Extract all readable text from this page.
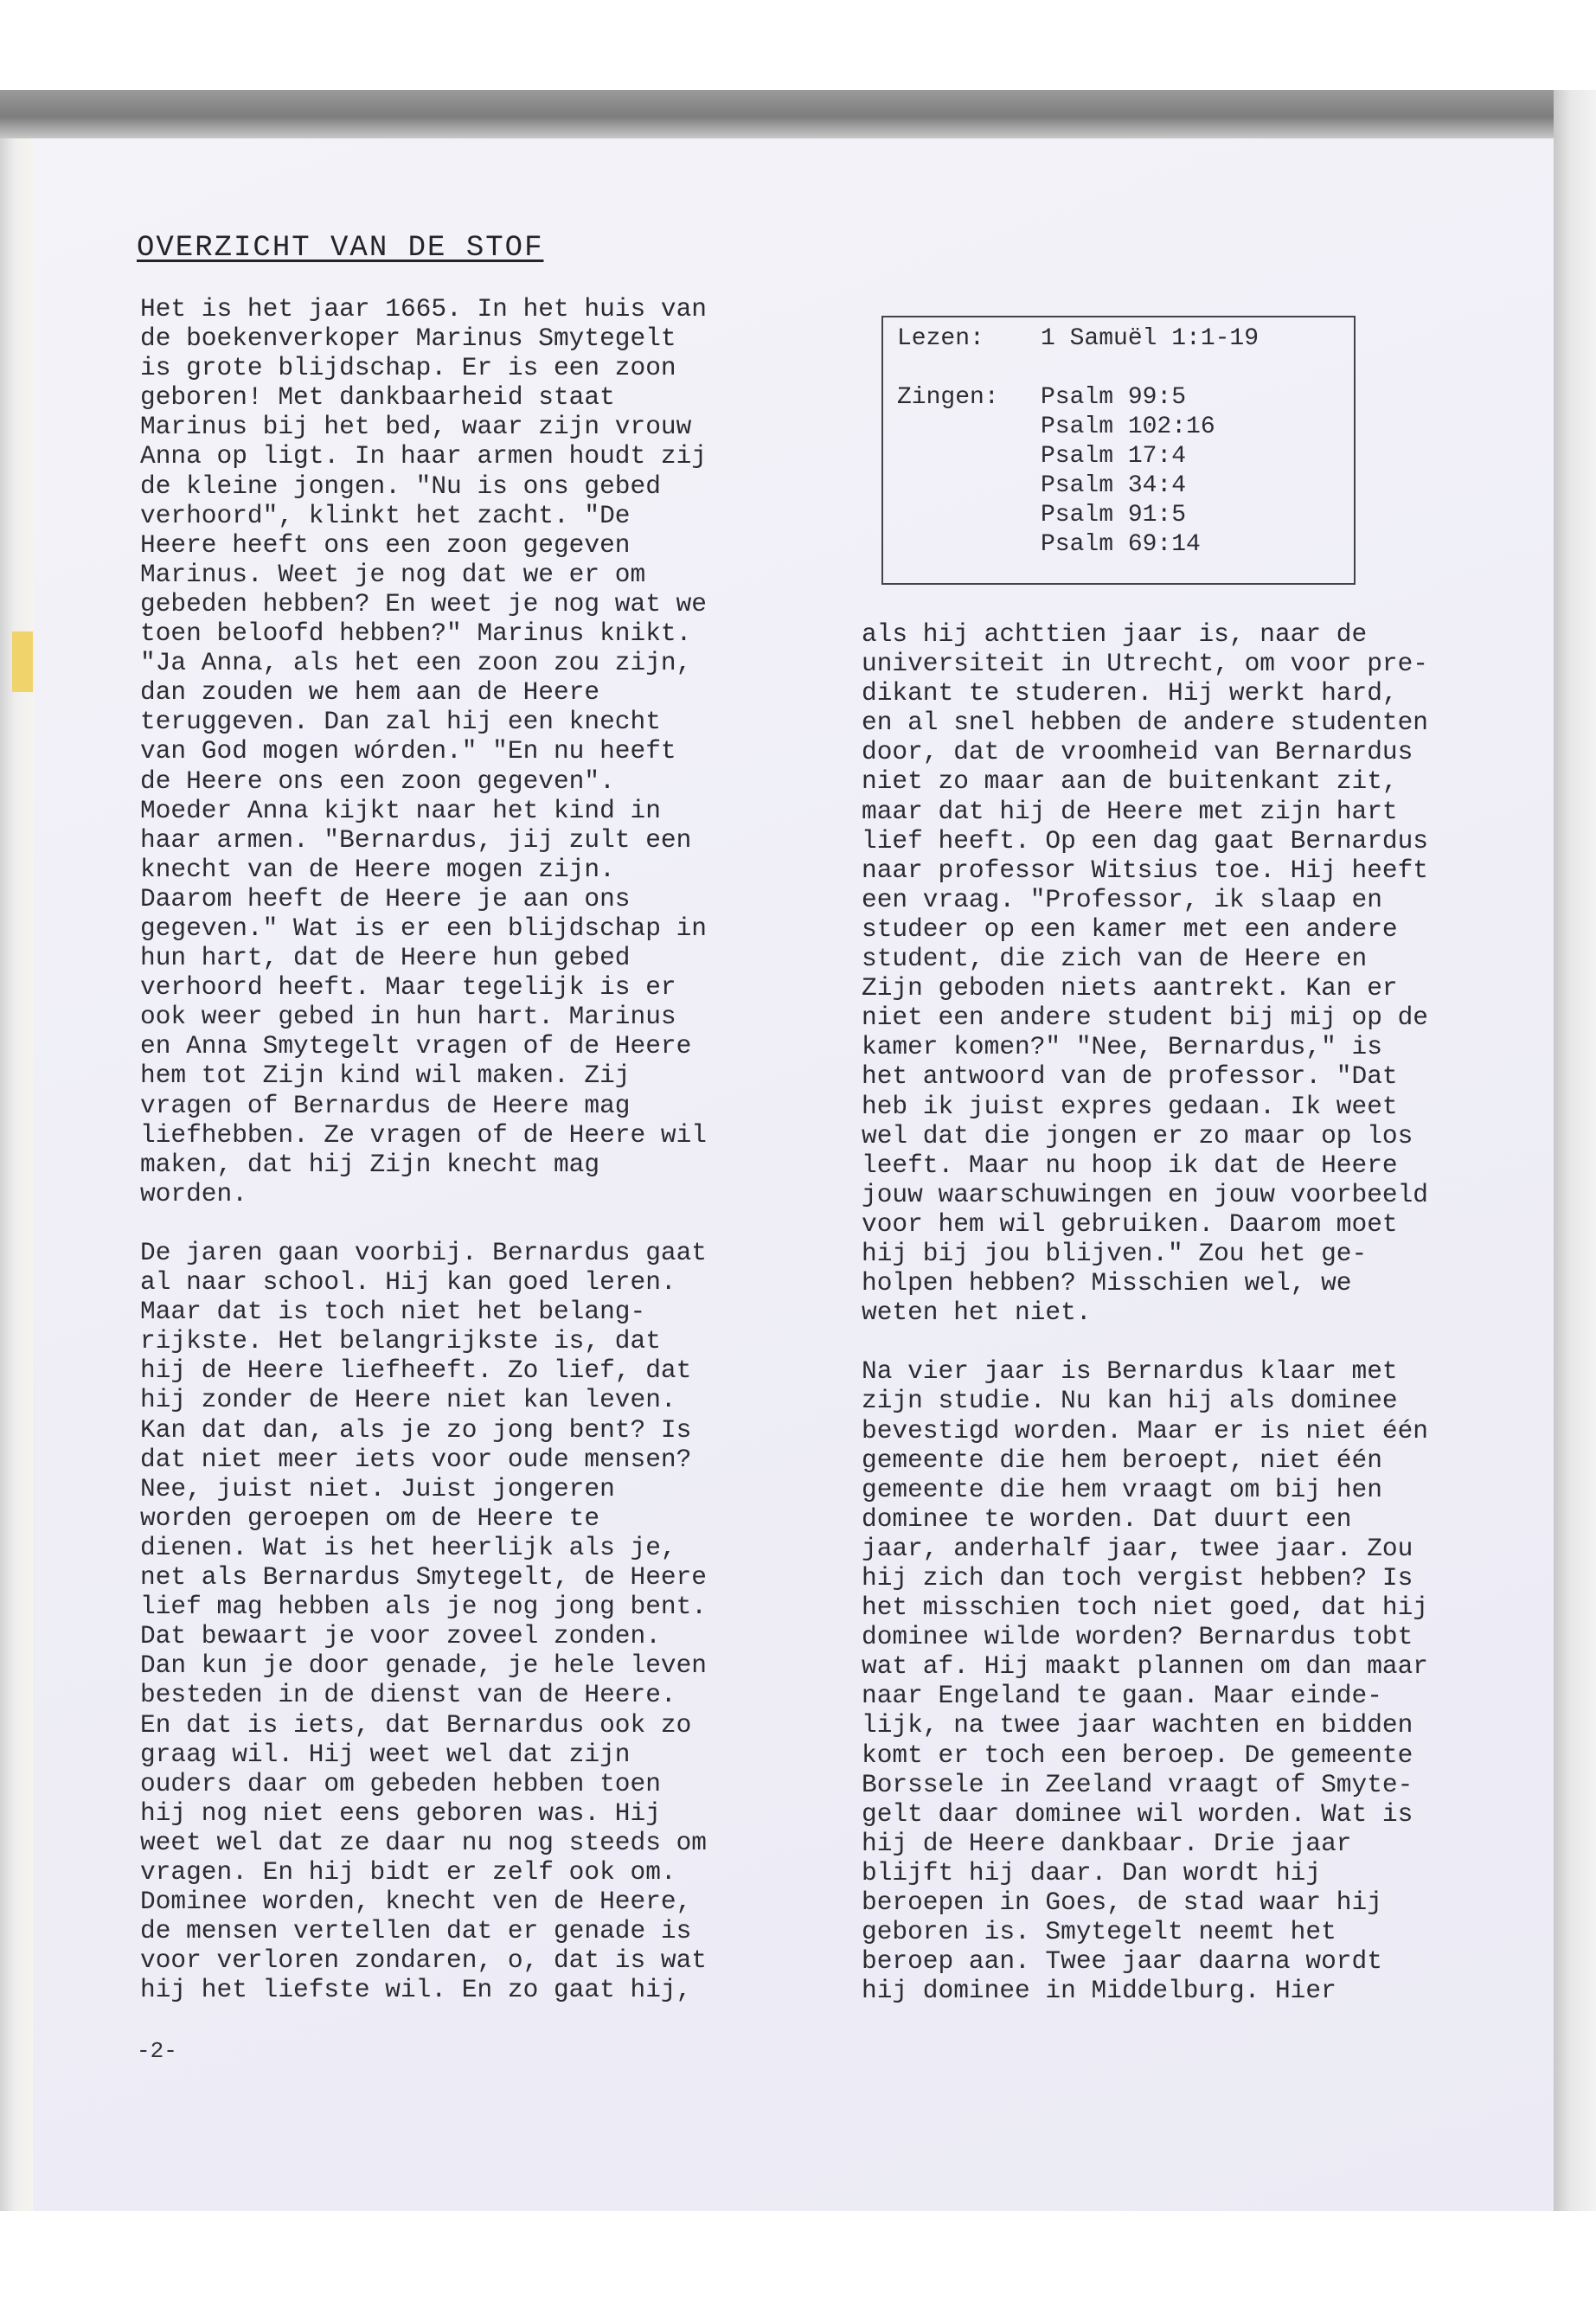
OVERZICHT VAN DE STOF
Het is het jaar 1665. In het huis van
de boekenverkoper Marinus Smytegelt
is grote blijdschap. Er is een zoon
geboren! Met dankbaarheid staat
Marinus bij het bed, waar zijn vrouw
Anna op ligt. In haar armen houdt zij
de kleine jongen. "Nu is ons gebed
verhoord", klinkt het zacht. "De
Heere heeft ons een zoon gegeven
Marinus. Weet je nog dat we er om
gebeden hebben? En weet je nog wat we
toen beloofd hebben?" Marinus knikt.
"Ja Anna, als het een zoon zou zijn,
dan zouden we hem aan de Heere
teruggeven. Dan zal hij een knecht
van God mogen wórden." "En nu heeft
de Heere ons een zoon gegeven".
Moeder Anna kijkt naar het kind in
haar armen. "Bernardus, jij zult een
knecht van de Heere mogen zijn.
Daarom heeft de Heere je aan ons
gegeven." Wat is er een blijdschap in
hun hart, dat de Heere hun gebed
verhoord heeft. Maar tegelijk is er
ook weer gebed in hun hart. Marinus
en Anna Smytegelt vragen of de Heere
hem tot Zijn kind wil maken. Zij
vragen of Bernardus de Heere mag
liefhebben. Ze vragen of de Heere wil
maken, dat hij Zijn knecht mag
worden.
De jaren gaan voorbij. Bernardus gaat
al naar school. Hij kan goed leren.
Maar dat is toch niet het belang-
rijkste. Het belangrijkste is, dat
hij de Heere liefheeft. Zo lief, dat
hij zonder de Heere niet kan leven.
Kan dat dan, als je zo jong bent? Is
dat niet meer iets voor oude mensen?
Nee, juist niet. Juist jongeren
worden geroepen om de Heere te
dienen. Wat is het heerlijk als je,
net als Bernardus Smytegelt, de Heere
lief mag hebben als je nog jong bent.
Dat bewaart je voor zoveel zonden.
Dan kun je door genade, je hele leven
besteden in de dienst van de Heere.
En dat is iets, dat Bernardus ook zo
graag wil. Hij weet wel dat zijn
ouders daar om gebeden hebben toen
hij nog niet eens geboren was. Hij
weet wel dat ze daar nu nog steeds om
vragen. En hij bidt er zelf ook om.
Dominee worden, knecht ven de Heere,
de mensen vertellen dat er genade is
voor verloren zondaren, o, dat is wat
hij het liefste wil. En zo gaat hij,
Lezen: 1 Samuël 1:1-19
Zingen: Psalm 99:5
Psalm 102:16
Psalm 17:4
Psalm 34:4
Psalm 91:5
Psalm 69:14
als hij achttien jaar is, naar de
universiteit in Utrecht, om voor pre-
dikant te studeren. Hij werkt hard,
en al snel hebben de andere studenten
door, dat de vroomheid van Bernardus
niet zo maar aan de buitenkant zit,
maar dat hij de Heere met zijn hart
lief heeft. Op een dag gaat Bernardus
naar professor Witsius toe. Hij heeft
een vraag. "Professor, ik slaap en
studeer op een kamer met een andere
student, die zich van de Heere en
Zijn geboden niets aantrekt. Kan er
niet een andere student bij mij op de
kamer komen?" "Nee, Bernardus," is
het antwoord van de professor. "Dat
heb ik juist expres gedaan. Ik weet
wel dat die jongen er zo maar op los
leeft. Maar nu hoop ik dat de Heere
jouw waarschuwingen en jouw voorbeeld
voor hem wil gebruiken. Daarom moet
hij bij jou blijven." Zou het ge-
holpen hebben? Misschien wel, we
weten het niet.
Na vier jaar is Bernardus klaar met
zijn studie. Nu kan hij als dominee
bevestigd worden. Maar er is niet één
gemeente die hem beroept, niet één
gemeente die hem vraagt om bij hen
dominee te worden. Dat duurt een
jaar, anderhalf jaar, twee jaar. Zou
hij zich dan toch vergist hebben? Is
het misschien toch niet goed, dat hij
dominee wilde worden? Bernardus tobt
wat af. Hij maakt plannen om dan maar
naar Engeland te gaan. Maar einde-
lijk, na twee jaar wachten en bidden
komt er toch een beroep. De gemeente
Borssele in Zeeland vraagt of Smyte-
gelt daar dominee wil worden. Wat is
hij de Heere dankbaar. Drie jaar
blijft hij daar. Dan wordt hij
beroepen in Goes, de stad waar hij
geboren is. Smytegelt neemt het
beroep aan. Twee jaar daarna wordt
hij dominee in Middelburg. Hier
-2-
